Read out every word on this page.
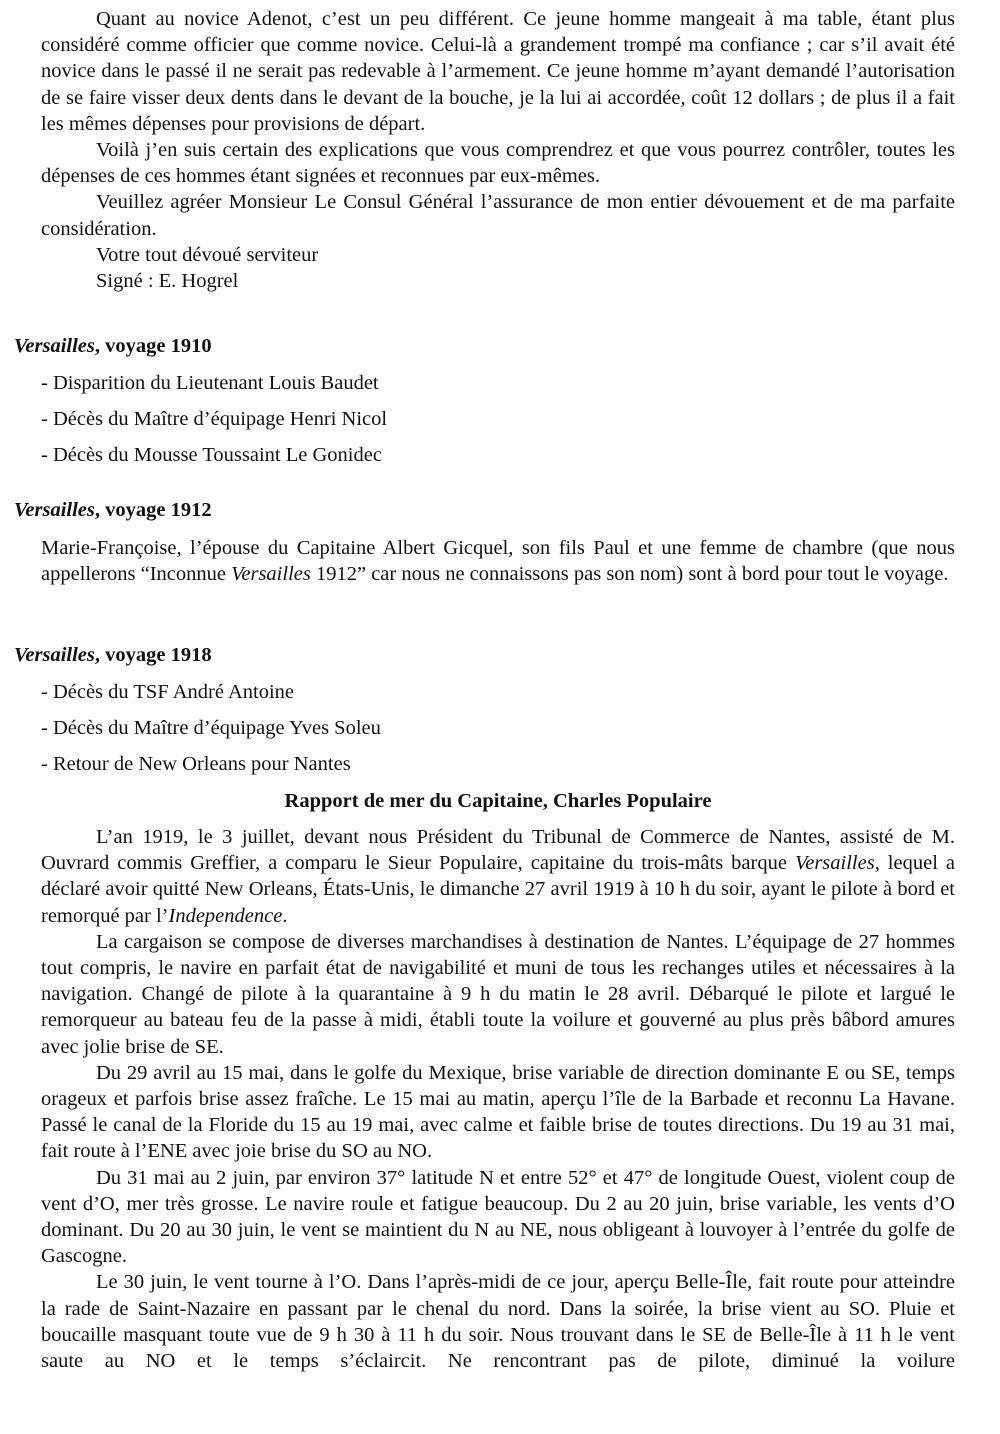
Quant au novice Adenot, c’est un peu différent. Ce jeune homme mangeait à ma table, étant plus considéré comme officier que comme novice. Celui-là a grandement trompé ma confiance ; car s’il avait été novice dans le passé il ne serait pas redevable à l’armement. Ce jeune homme m’ayant demandé l’autorisation de se faire visser deux dents dans le devant de la bouche, je la lui ai accordée, coût 12 dollars ; de plus il a fait les mêmes dépenses pour provisions de départ.

Voilà j’en suis certain des explications que vous comprendrez et que vous pourrez contrôler, toutes les dépenses de ces hommes étant signées et reconnues par eux-mêmes.

Veuillez agréer Monsieur Le Consul Général l’assurance de mon entier dévouement et de ma parfaite considération.

Votre tout dévoué serviteur

Signé : E. Hogrel

Versailles, voyage 1910
- Disparition du Lieutenant Louis Baudet
- Décès du Maître d’équipage Henri Nicol
- Décès du Mousse Toussaint Le Gonidec
Versailles, voyage 1912

Marie-Françoise, l’épouse du Capitaine Albert Gicquel, son fils Paul et une femme de chambre (que nous appellerons “Inconnue Versailles 1912” car nous ne connaissons pas son nom) sont à bord pour tout le voyage.

Versailles, voyage 1918
- Décès du TSF André Antoine
- Décès du Maître d’équipage Yves Soleu
- Retour de New Orleans pour Nantes
Rapport de mer du Capitaine, Charles Populaire

L’an 1919, le 3 juillet, devant nous Président du Tribunal de Commerce de Nantes, assisté de M. Ouvrard commis Greffier, a comparu le Sieur Populaire, capitaine du trois-mâts barque Versailles, lequel a déclaré avoir quitté New Orleans, États-Unis, le dimanche 27 avril 1919 à 10 h du soir, ayant le pilote à bord et remorqué par l’Independence.

La cargaison se compose de diverses marchandises à destination de Nantes. L’équipage de 27 hommes tout compris, le navire en parfait état de navigabilité et muni de tous les rechanges utiles et nécessaires à la navigation. Changé de pilote à la quarantaine à 9 h du matin le 28 avril. Débarqué le pilote et largué le remorqueur au bateau feu de la passe à midi, établi toute la voilure et gouverné au plus près bâbord amures avec jolie brise de SE.

Du 29 avril au 15 mai, dans le golfe du Mexique, brise variable de direction dominante E ou SE, temps orageux et parfois brise assez fraîche. Le 15 mai au matin, aperçu l’île de la Barbade et reconnu La Havane. Passé le canal de la Floride du 15 au 19 mai, avec calme et faible brise de toutes directions. Du 19 au 31 mai, fait route à l’ENE avec joie brise du SO au NO.

Du 31 mai au 2 juin, par environ 37° latitude N et entre 52° et 47° de longitude Ouest, violent coup de vent d’O, mer très grosse. Le navire roule et fatigue beaucoup. Du 2 au 20 juin, brise variable, les vents d’O dominant. Du 20 au 30 juin, le vent se maintient du N au NE, nous obligeant à louvoyer à l’entrée du golfe de Gascogne.

Le 30 juin, le vent tourne à l’O. Dans l’après-midi de ce jour, aperçu Belle-Île, fait route pour atteindre la rade de Saint-Nazaire en passant par le chenal du nord. Dans la soirée, la brise vient au SO. Pluie et boucaille masquant toute vue de 9 h 30 à 11 h du soir. Nous trouvant dans le SE de Belle-Île à 11 h le vent saute au NO et le temps s’éclaircit. Ne rencontrant pas de pilote, diminué la voilure
